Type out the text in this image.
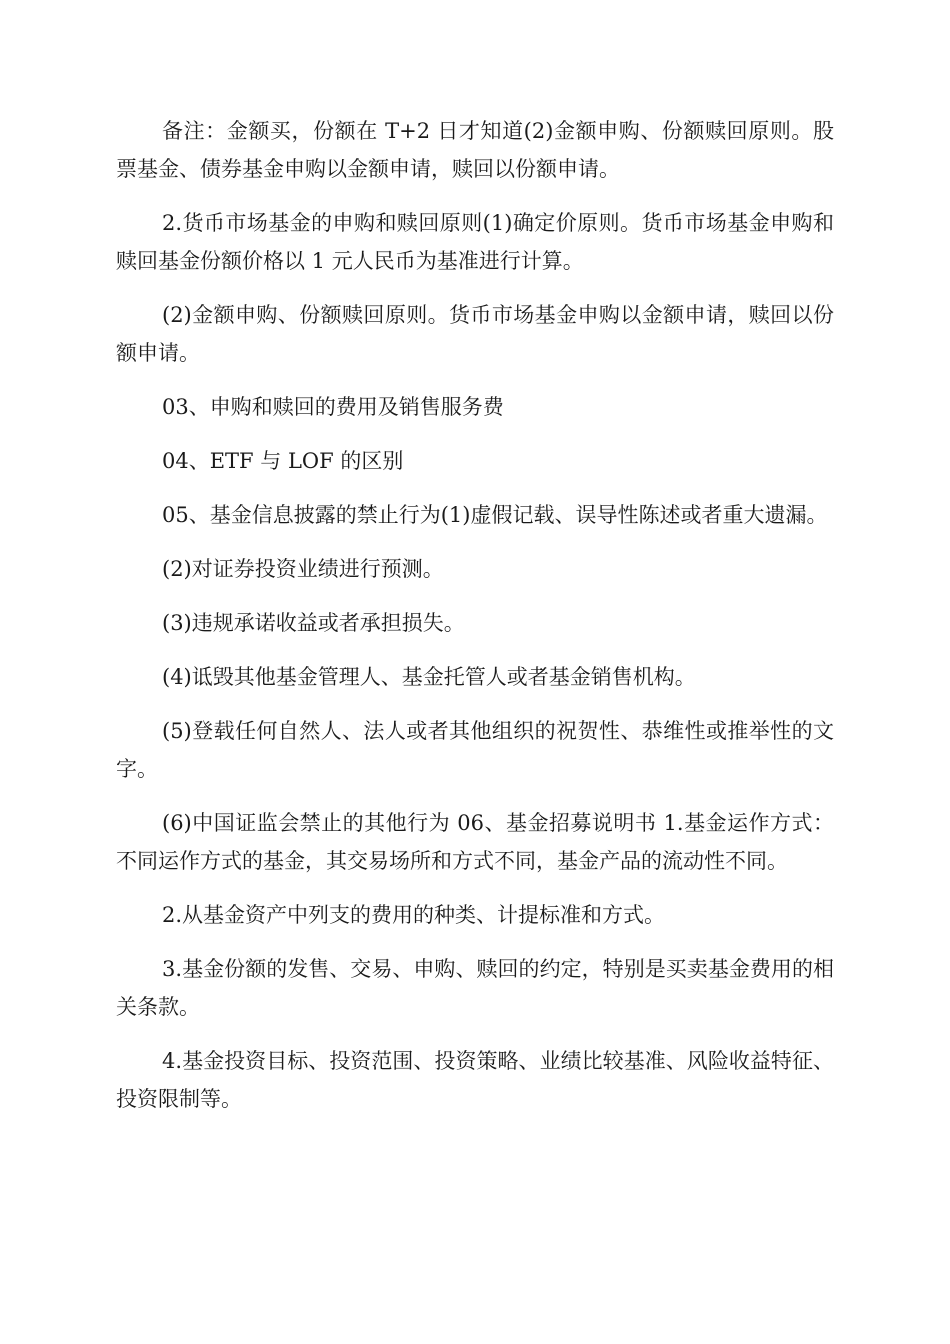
备注：金额买，份额在 T+2 日才知道(2)金额申购、份额赎回原则。股票基金、债券基金申购以金额申请，赎回以份额申请。

2.货币市场基金的申购和赎回原则(1)确定价原则。货币市场基金申购和赎回基金份额价格以 1 元人民币为基准进行计算。

(2)金额申购、份额赎回原则。货币市场基金申购以金额申请，赎回以份额申请。

03、申购和赎回的费用及销售服务费

04、ETF 与 LOF 的区别

05、基金信息披露的禁止行为(1)虚假记载、误导性陈述或者重大遗漏。

(2)对证券投资业绩进行预测。

(3)违规承诺收益或者承担损失。

(4)诋毁其他基金管理人、基金托管人或者基金销售机构。

(5)登载任何自然人、法人或者其他组织的祝贺性、恭维性或推举性的文字。

(6)中国证监会禁止的其他行为 06、基金招募说明书 1.基金运作方式：不同运作方式的基金，其交易场所和方式不同，基金产品的流动性不同。

2.从基金资产中列支的费用的种类、计提标准和方式。

3.基金份额的发售、交易、申购、赎回的约定，特别是买卖基金费用的相关条款。

4.基金投资目标、投资范围、投资策略、业绩比较基准、风险收益特征、投资限制等。
